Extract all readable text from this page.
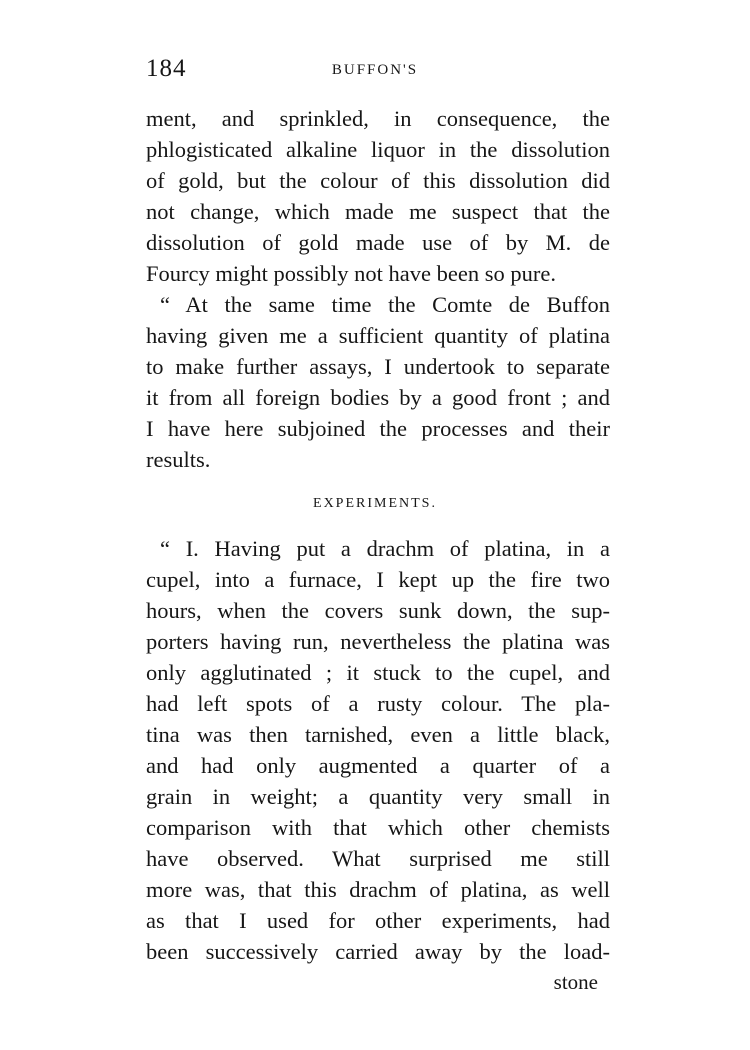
184	BUFFON'S
ment, and sprinkled, in consequence, the
phlogisticated alkaline liquor in the dissolution
of gold, but the colour of this dissolution did
not change, which made me suspect that the
dissolution of gold made use of by M. de
Fourcy might possibly not have been so pure.
“ At the same time the Comte de Buffon
having given me a sufficient quantity of platina
to make further assays, I undertook to separate
it from all foreign bodies by a good front ; and
I have here subjoined the processes and their
results.
EXPERIMENTS.
“ I. Having put a drachm of platina, in a
cupel, into a furnace, I kept up the fire two
hours, when the covers sunk down, the sup-
porters having run, nevertheless the platina was
only agglutinated ; it stuck to the cupel, and
had left spots of a rusty colour. The pla-
tina was then tarnished, even a little black,
and had only augmented a quarter of a
grain in weight; a quantity very small in
comparison with that which other chemists
have observed. What surprised me still
more was, that this drachm of platina, as well
as that I used for other experiments, had
been successively carried away by the load-
stone
